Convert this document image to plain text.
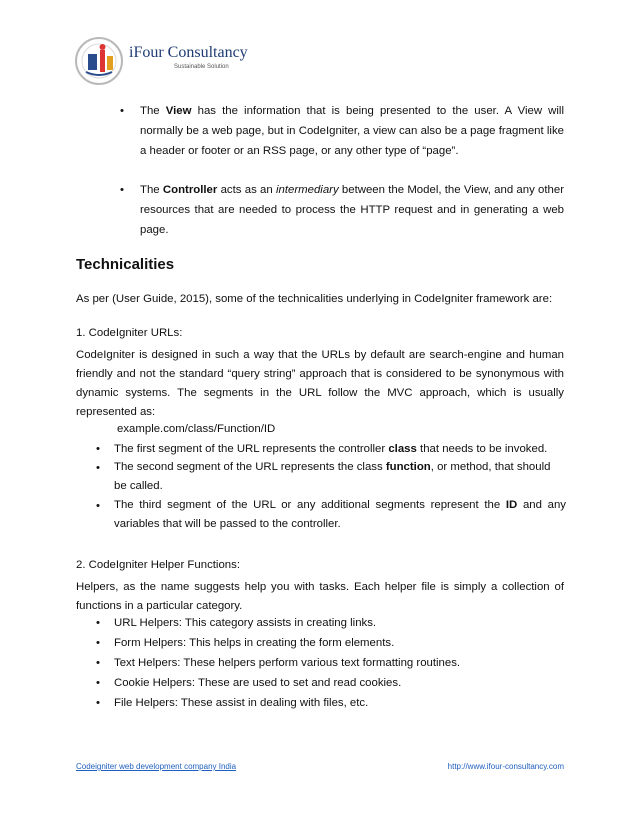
iFour Consultancy
Sustainable Solution
• The View has the information that is being presented to the user. A View will normally be a web page, but in CodeIgniter, a view can also be a page fragment like a header or footer or an RSS page, or any other type of “page”.

• The Controller acts as an intermediary between the Model, the View, and any other resources that are needed to process the HTTP request and in generating a web page.

Technicalities

As per (User Guide, 2015), some of the technicalities underlying in CodeIgniter framework are:

1. CodeIgniter URLs:

CodeIgniter is designed in such a way that the URLs by default are search-engine and human friendly and not the standard “query string” approach that is considered to be synonymous with dynamic systems. The segments in the URL follow the MVC approach, which is usually represented as:

example.com/class/Function/ID

• The first segment of the URL represents the controller class that needs to be invoked.

• The second segment of the URL represents the class function, or method, that should be called.

• The third segment of the URL or any additional segments represent the ID and any variables that will be passed to the controller.

2. CodeIgniter Helper Functions:

Helpers, as the name suggests help you with tasks. Each helper file is simply a collection of functions in a particular category.

• URL Helpers: This category assists in creating links.

• Form Helpers: This helps in creating the form elements.

• Text Helpers: These helpers perform various text formatting routines.

• Cookie Helpers: These are used to set and read cookies.

• File Helpers: These assist in dealing with files, etc.

Codeigniter web development company India	http://www.ifour-consultancy.com
